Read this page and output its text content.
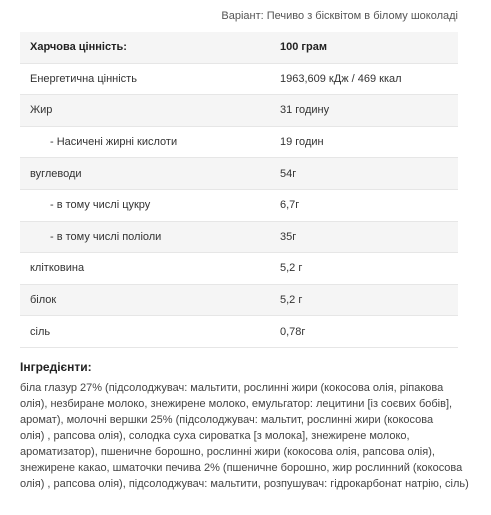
Варіант: Печиво з бісквітом в білому шоколаді
Харчова цінність:	100 грам
Енергетична цінність	1963,609 кДж / 469 ккал
Жир	31 годину
- Насичені жирні кислоти	19 годин
вуглеводи	54г
- в тому числі цукру	6,7г
- в тому числі поліоли	35г
клітковина	5,2 г
білок	5,2 г
сіль	0,78г
Інгредієнти:
біла глазур 27% (підсолоджувач: мальтити, рослинні жири (кокосова олія, ріпакова
олія), незбиране молоко, знежирене молоко, емульгатор: лецитини [із соєвих бобів],
аромат), молочні вершки 25% (підсолоджувач: мальтит, рослинні жири (кокосова
олія) , рапсова олія), солодка суха сироватка [з молока], знежирене молоко,
ароматизатор), пшеничне борошно, рослинні жири (кокосова олія, рапсова олія),
знежирене какао, шматочки печива 2% (пшеничне борошно, жир рослинний (кокосова
олія) , рапсова олія), підсолоджувач: мальтити, розпушувач: гідрокарбонат натрію, сіль)
